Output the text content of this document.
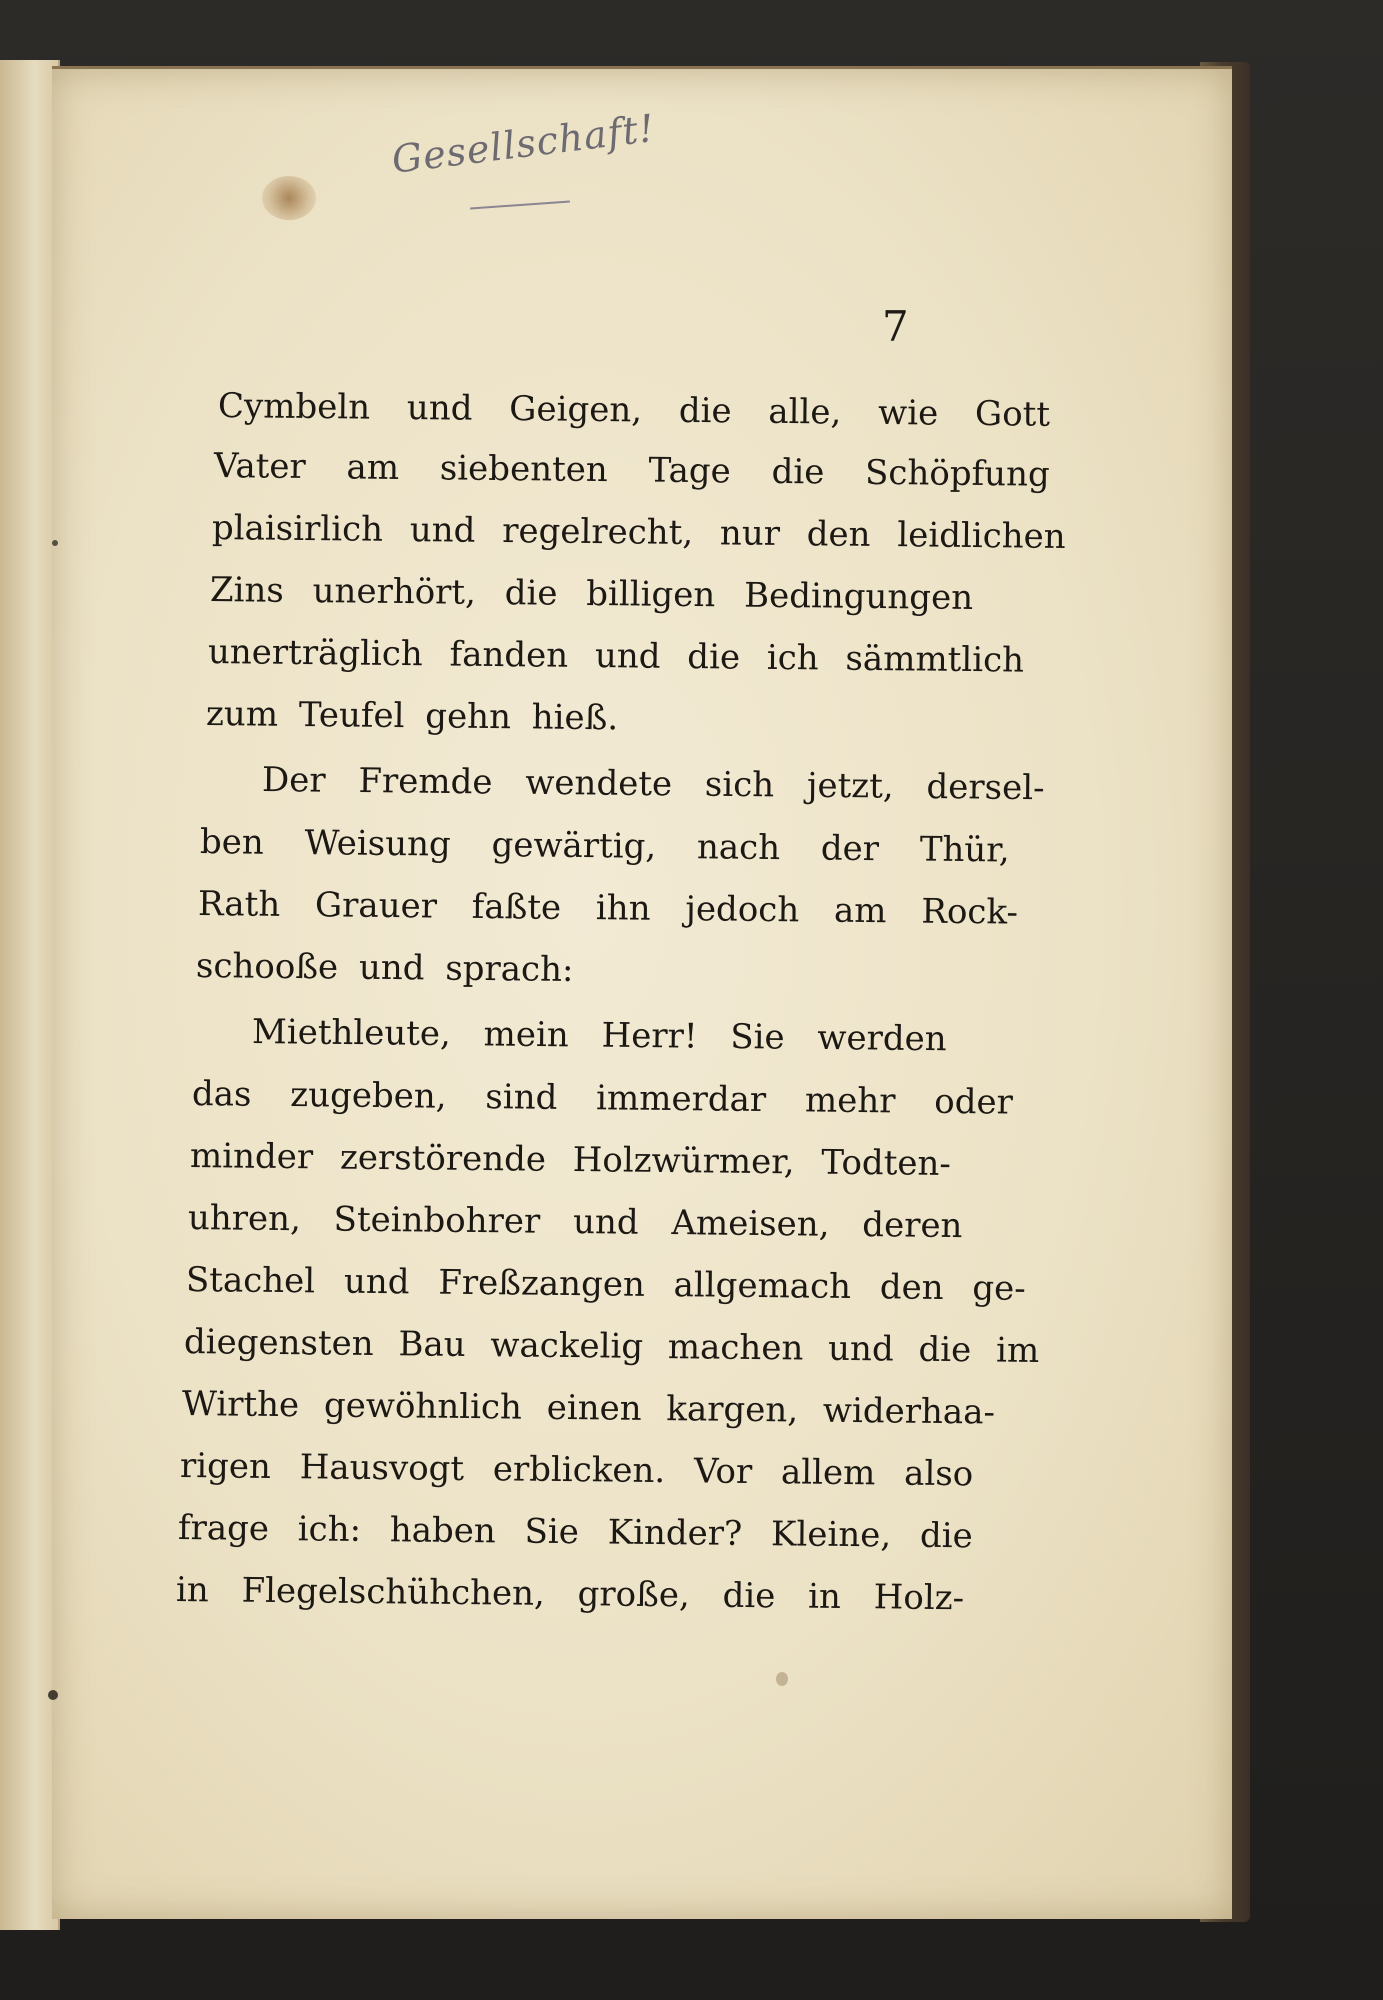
Gesellschaft!
7
Cymbeln und Geigen, die alle, wie Gott
Vater am siebenten Tage die Schöpfung
plaisirlich und regelrecht, nur den leidlichen
Zins unerhört, die billigen Bedingungen
unerträglich fanden und die ich sämmtlich
zum Teufel gehn hieß.
Der Fremde wendete sich jetzt, dersel-
ben Weisung gewärtig, nach der Thür,
Rath Grauer faßte ihn jedoch am Rock-
schooße und sprach:
Miethleute, mein Herr! Sie werden
das zugeben, sind immerdar mehr oder
minder zerstörende Holzwürmer, Todten-
uhren, Steinbohrer und Ameisen, deren
Stachel und Freßzangen allgemach den ge-
diegensten Bau wackelig machen und die im
Wirthe gewöhnlich einen kargen, widerhaa-
rigen Hausvogt erblicken. Vor allem also
frage ich: haben Sie Kinder? Kleine, die
in Flegelschühchen, große, die in Holz-
